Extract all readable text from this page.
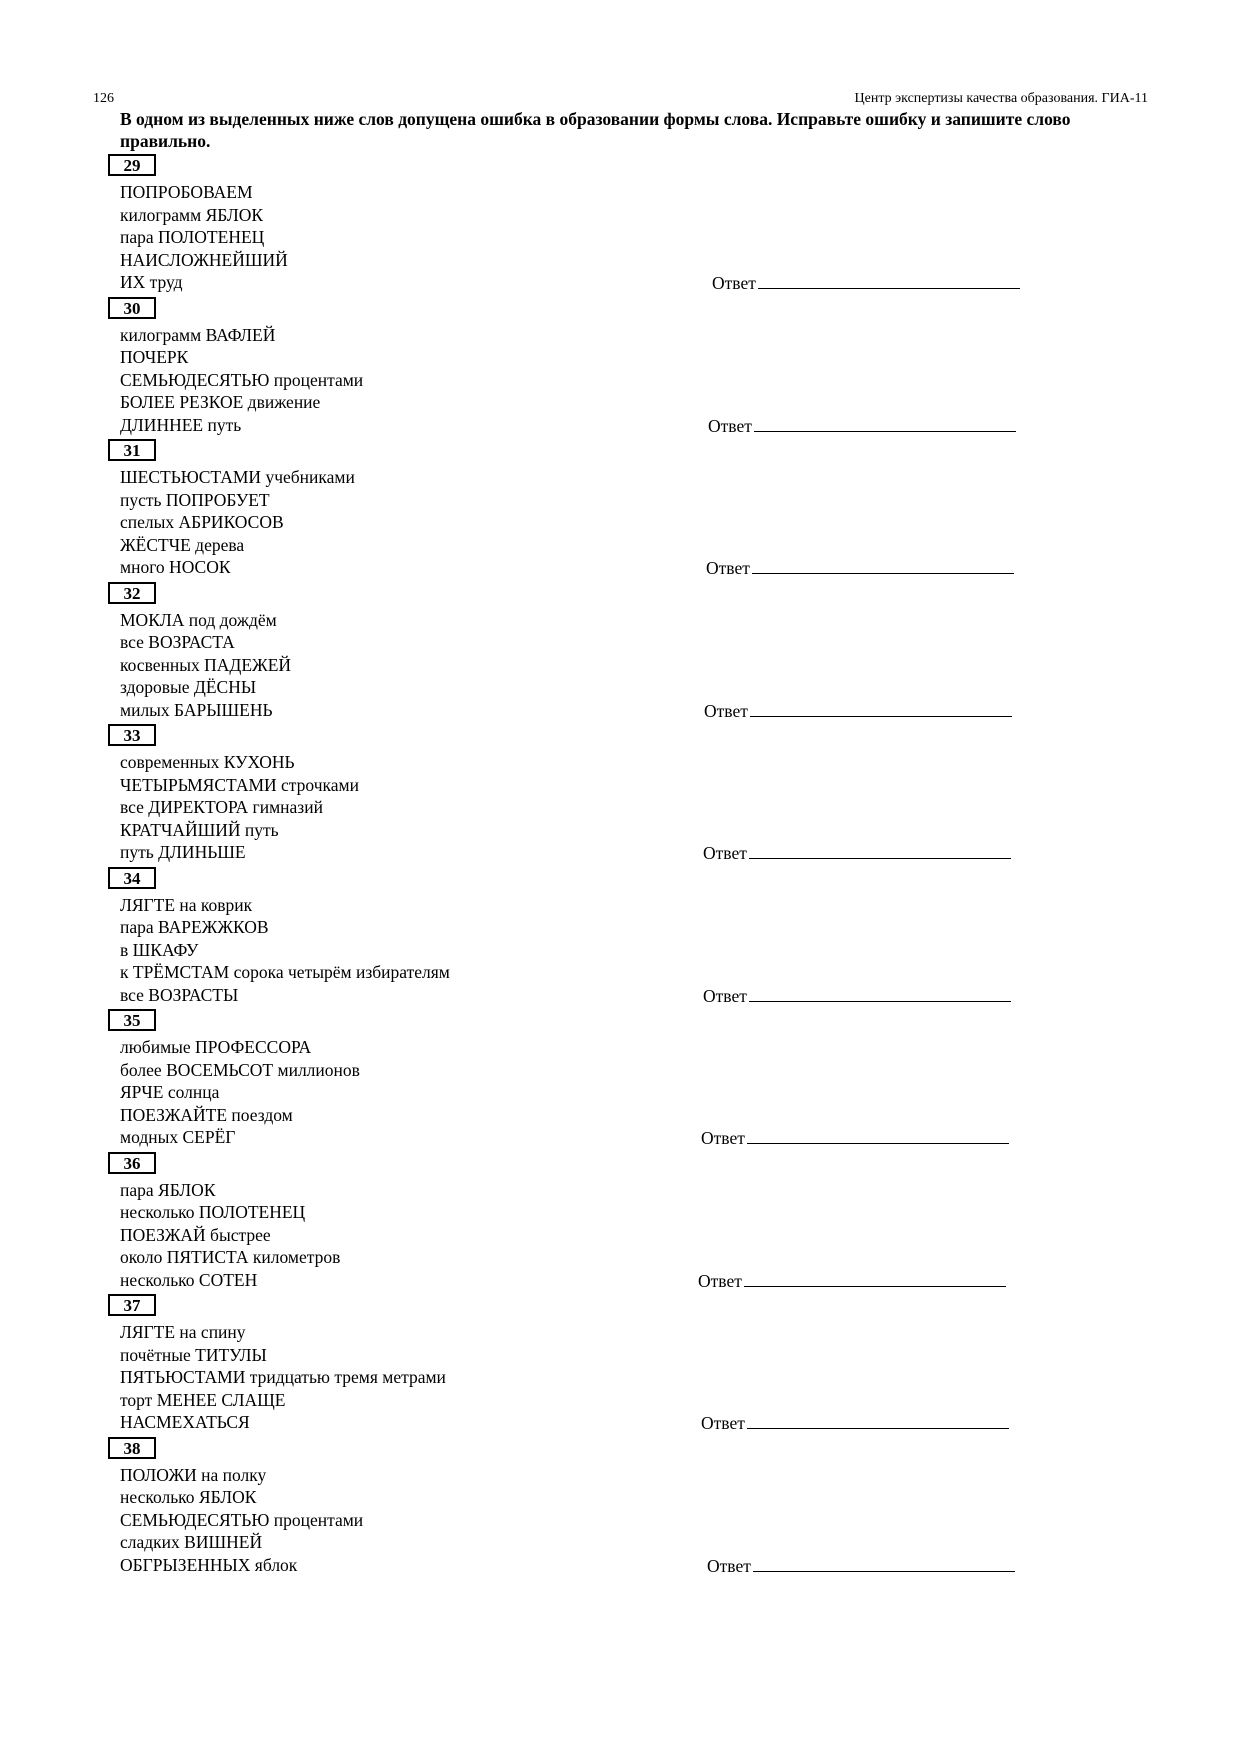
126	Центр экспертизы качества образования. ГИА-11
В одном из выделенных ниже слов допущена ошибка в образовании формы слова. Исправьте ошибку и запишите слово правильно.
29
ПОПРОБОВАЕМ
килограмм ЯБЛОК
пара ПОЛОТЕНЕЦ
НАИСЛОЖНЕЙШИЙ
ИХ труд	Ответ
30
килограмм ВАФЛЕЙ
ПОЧЕРК
СЕМЬЮДЕСЯТЬЮ процентами
БОЛЕЕ РЕЗКОЕ движение
ДЛИННЕЕ путь	Ответ
31
ШЕСТЬЮСТАМИ учебниками
пусть ПОПРОБУЕТ
спелых АБРИКОСОВ
ЖЁСТЧЕ дерева
много НОСОК	Ответ
32
МОКЛА под дождём
все ВОЗРАСТА
косвенных ПАДЕЖЕЙ
здоровые ДЁСНЫ
милых БАРЫШЕНЬ	Ответ
33
современных КУХОНЬ
ЧЕТЫРЬМЯСТАМИ строчками
все ДИРЕКТОРА гимназий
КРАТЧАЙШИЙ путь
путь ДЛИНЬШЕ	Ответ
34
ЛЯГТЕ на коврик
пара ВАРЕЖЖКОВ
в ШКАФУ
к ТРЁМСТАМ сорока четырём избирателям
все ВОЗРАСТЫ	Ответ
35
любимые ПРОФЕССОРА
более ВОСЕМЬСОТ миллионов
ЯРЧЕ солнца
ПОЕЗЖАЙТЕ поездом
модных СЕРЁГ	Ответ
36
пара ЯБЛОК
несколько ПОЛОТЕНЕЦ
ПОЕЗЖАЙ быстрее
около ПЯТИСТА километров
несколько СОТЕН	Ответ
37
ЛЯГТЕ на спину
почётные ТИТУЛЫ
ПЯТЬЮСТАМИ тридцатью тремя метрами
торт МЕНЕЕ СЛАЩЕ
НАСМЕХАТЬСЯ	Ответ
38
ПОЛОЖИ на полку
несколько ЯБЛОК
СЕМЬЮДЕСЯТЬЮ процентами
сладких ВИШНЕЙ
ОБГРЫЗЕННЫХ яблок	Ответ
